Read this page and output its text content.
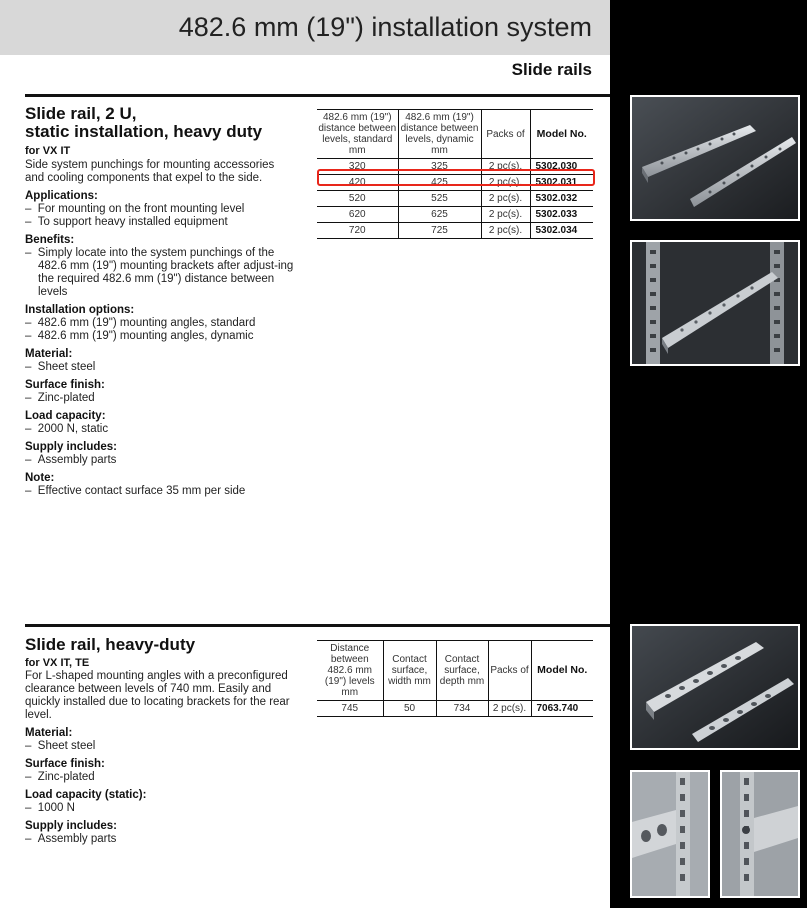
482.6 mm (19") installation system
Slide rails
Slide rail, 2 U,
static installation, heavy duty
for VX IT
Side system punchings for mounting accessories and cooling components that expel to the side.
Applications:
–  For mounting on the front mounting level
–  To support heavy installed equipment
Benefits:
–  Simply locate into the system punchings of the 482.6 mm (19") mounting brackets after adjust-ing the required 482.6 mm (19") distance between levels
Installation options:
–  482.6 mm (19") mounting angles, standard
–  482.6 mm (19") mounting angles, dynamic
Material:
–  Sheet steel
Surface finish:
–  Zinc-plated
Load capacity:
–  2000 N, static
Supply includes:
–  Assembly parts
Note:
–  Effective contact surface 35 mm per side
482.6 mm (19") distance between levels, standard mm	482.6 mm (19") distance between levels, dynamic mm	Packs of	Model No.
320	325	2 pc(s).	5302.030
420	425	2 pc(s).	5302.031
520	525	2 pc(s).	5302.032
620	625	2 pc(s).	5302.033
720	725	2 pc(s).	5302.034
Slide rail, heavy-duty
for VX IT, TE
For L-shaped mounting angles with a preconfigured clearance between levels of 740 mm. Easily and quickly installed due to locating brackets for the rear level.
Material:
–  Sheet steel
Surface finish:
–  Zinc-plated
Load capacity (static):
–  1000 N
Supply includes:
–  Assembly parts
Distance between 482.6 mm (19") levels mm	Contact surface, width mm	Contact surface, depth mm	Packs of	Model No.
745	50	734	2 pc(s).	7063.740
